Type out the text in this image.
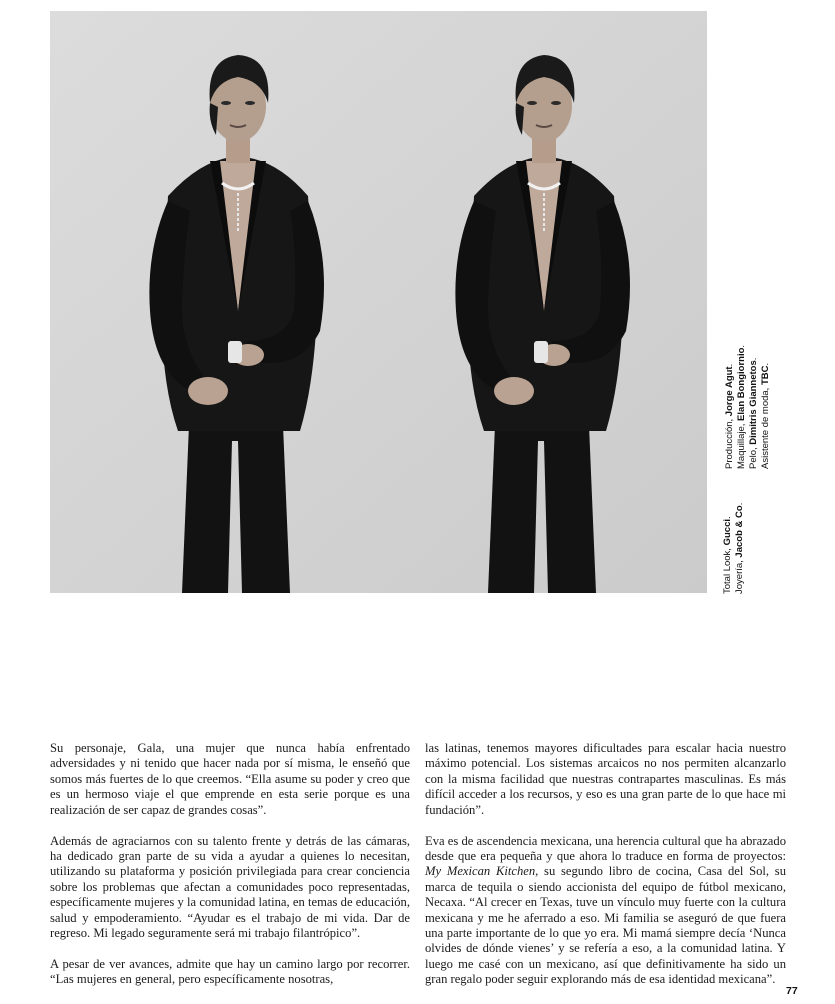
Producción, Jorge Agut.
Maquillaje, Elan Bongiornio.
Pelo, Dimitris Giannetos.
Asistente de moda, TBC.
Total Look, Gucci.
Joyería, Jacob & Co.

Su personaje, Gala, una mujer que nunca había enfrentado adversidades y ni tenido que hacer nada por sí misma, le enseñó que somos más fuertes de lo que creemos. “Ella asume su poder y creo que es un hermoso viaje el que emprende en esta serie porque es una realización de ser capaz de grandes cosas”.

Además de agraciarnos con su talento frente y detrás de las cámaras, ha dedicado gran parte de su vida a ayudar a quienes lo necesitan, utilizando su plataforma y posición privilegiada para crear conciencia sobre los problemas que afectan a comunidades poco representadas, específicamente mujeres y la comunidad latina, en temas de educación, salud y empoderamiento. “Ayudar es el trabajo de mi vida. Dar de regreso. Mi legado seguramente será mi trabajo filantrópico”.

A pesar de ver avances, admite que hay un camino largo por recorrer. “Las mujeres en general, pero específicamente nosotras,

las latinas, tenemos mayores dificultades para escalar hacia nuestro máximo potencial. Los sistemas arcaicos no nos permiten alcanzarlo con la misma facilidad que nuestras contrapartes masculinas. Es más difícil acceder a los recursos, y eso es una gran parte de lo que hace mi fundación”.

Eva es de ascendencia mexicana, una herencia cultural que ha abrazado desde que era pequeña y que ahora lo traduce en forma de proyectos: My Mexican Kitchen, su segundo libro de cocina, Casa del Sol, su marca de tequila o siendo accionista del equipo de fútbol mexicano, Necaxa. “Al crecer en Texas, tuve un vínculo muy fuerte con la cultura mexicana y me he aferrado a eso. Mi familia se aseguró de que fuera una parte importante de lo que yo era. Mi mamá siempre decía ‘Nunca olvides de dónde vienes’ y se refería a eso, a la comunidad latina. Y luego me casé con un mexicano, así que definitivamente ha sido un gran regalo poder seguir explorando más de esa identidad mexicana”.

77
